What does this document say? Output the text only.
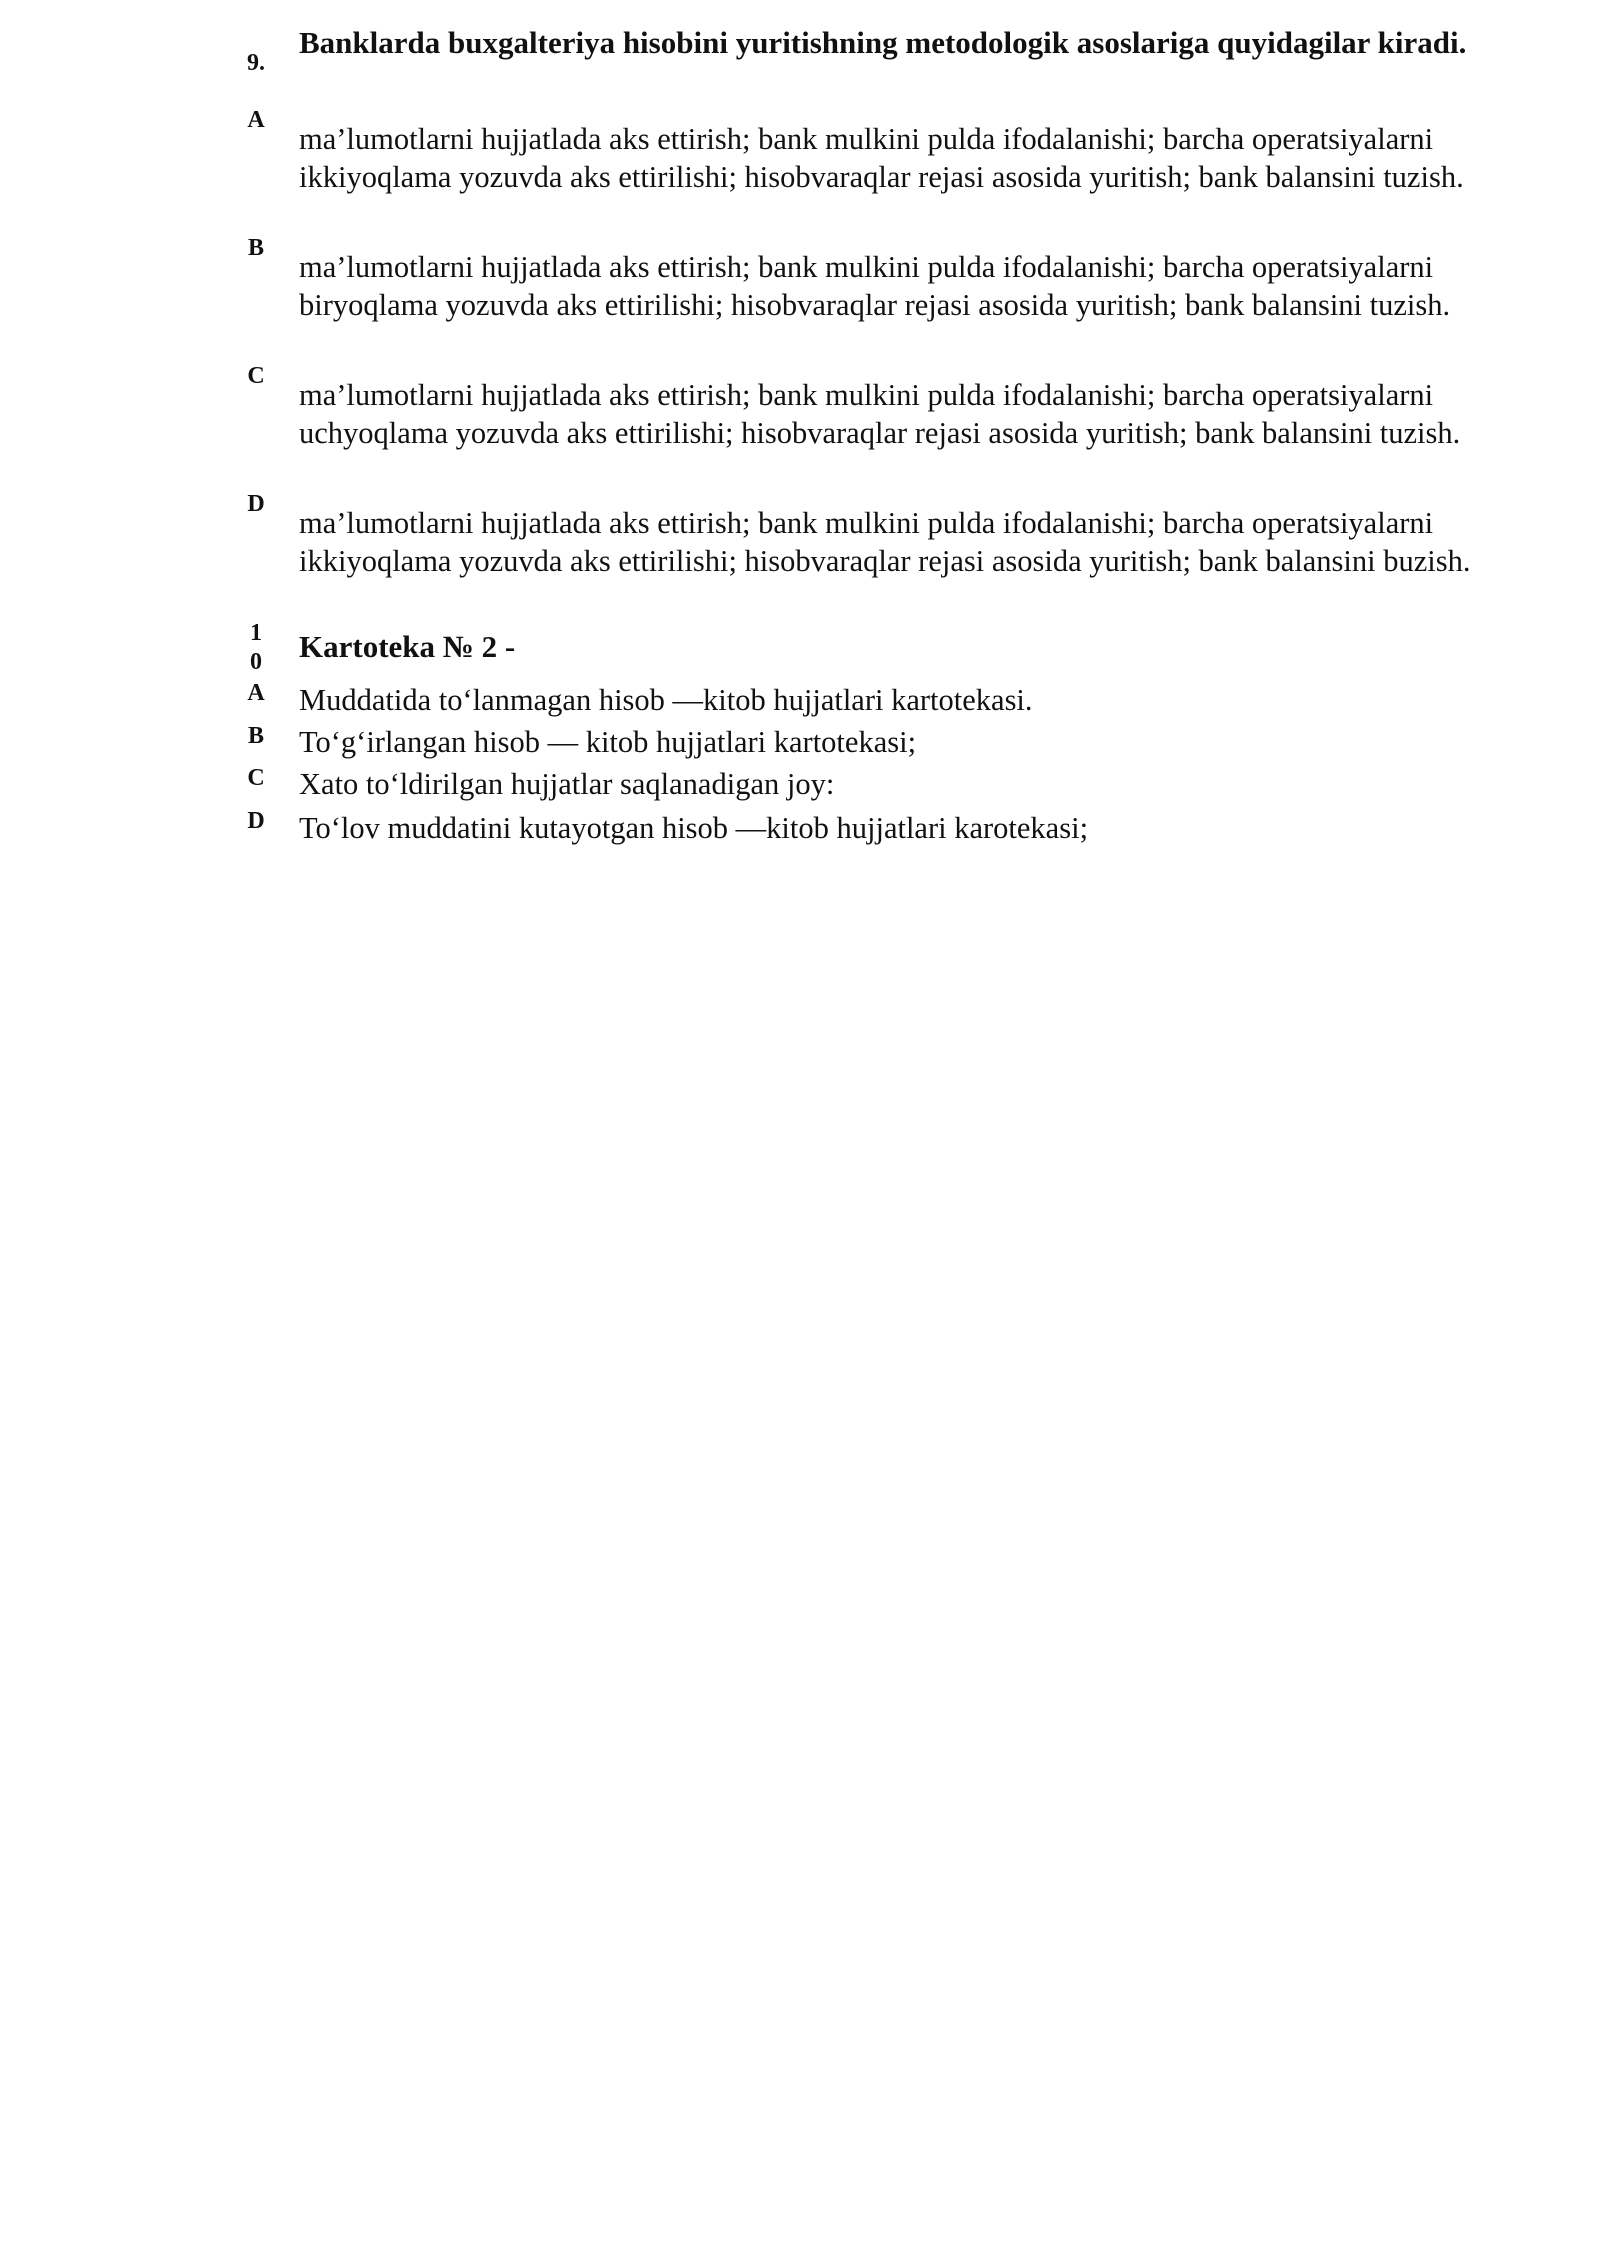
9.
Banklarda buxgalteriya hisobini yuritishning metodologik asoslariga quyidagilar kiradi.
A
ma’lumotlarni hujjatlada aks ettirish; bank mulkini pulda ifodalanishi; barcha operatsiyalarni ikkiyoqlama yozuvda aks ettirilishi; hisobvaraqlar rejasi asosida yuritish; bank balansini tuzish.
B
ma’lumotlarni hujjatlada aks ettirish; bank mulkini pulda ifodalanishi; barcha operatsiyalarni biryoqlama yozuvda aks ettirilishi; hisobvaraqlar rejasi asosida yuritish; bank balansini tuzish.
C
ma’lumotlarni hujjatlada aks ettirish; bank mulkini pulda ifodalanishi; barcha operatsiyalarni uchyoqlama yozuvda aks ettirilishi; hisobvaraqlar rejasi asosida yuritish; bank balansini tuzish.
D
ma’lumotlarni hujjatlada aks ettirish; bank mulkini pulda ifodalanishi; barcha operatsiyalarni ikkiyoqlama yozuvda aks ettirilishi; hisobvaraqlar rejasi asosida yuritish; bank balansini buzish.
1
0	Kartoteka № 2 -
A	Muddatida to‘lanmagan hisob —kitob hujjatlari kartotekasi.
B	To‘g‘irlangan hisob — kitob hujjatlari kartotekasi;
C	Xato to‘ldirilgan hujjatlar saqlanadigan joy:
D	To‘lov muddatini kutayotgan hisob —kitob hujjatlari karotekasi;
